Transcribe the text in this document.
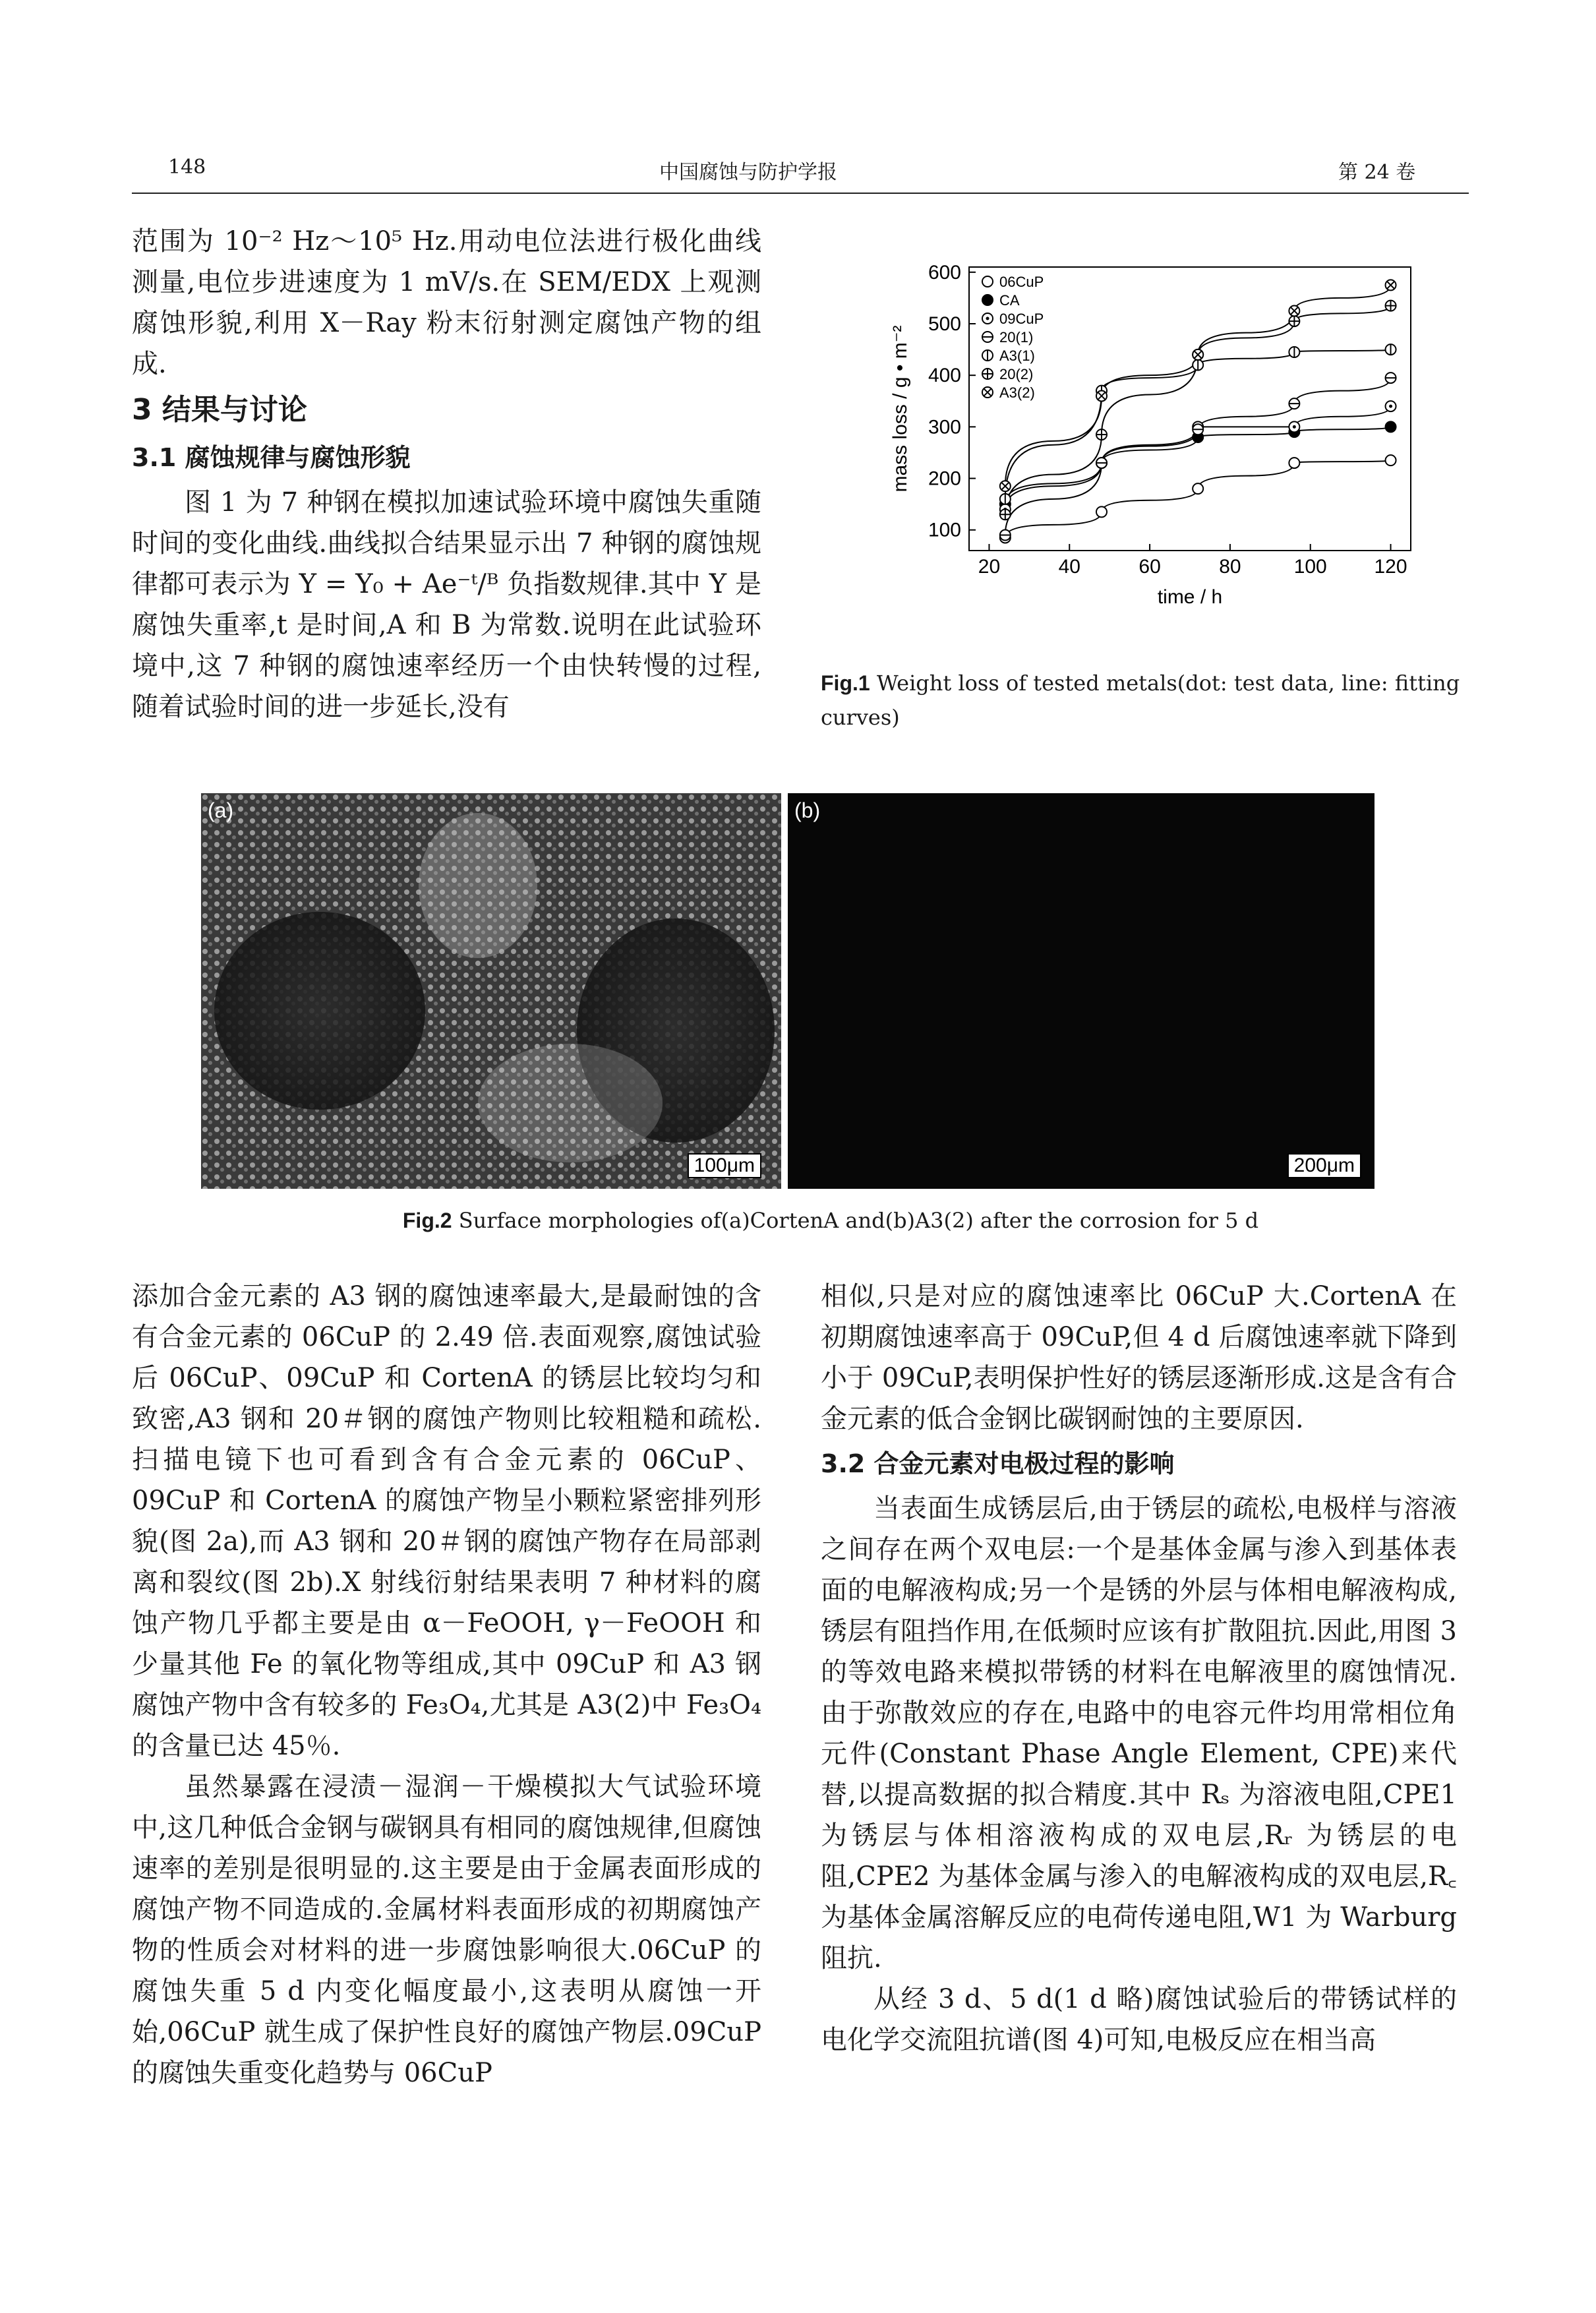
148	中国腐蚀与防护学报	第 24 卷

范围为 10⁻² Hz～10⁵ Hz.用动电位法进行极化曲线测量,电位步进速度为 1 mV/s.在 SEM/EDX 上观测腐蚀形貌,利用 X－Ray 粉末衍射测定腐蚀产物的组成.

3 结果与讨论
3.1 腐蚀规律与腐蚀形貌

图 1 为 7 种钢在模拟加速试验环境中腐蚀失重随时间的变化曲线.曲线拟合结果显示出 7 种钢的腐蚀规律都可表示为 Y = Y₀ + Ae⁻ᵗ/ᴮ 负指数规律.其中 Y 是腐蚀失重率,t 是时间,A 和 B 为常数.说明在此试验环境中,这 7 种钢的腐蚀速率经历一个由快转慢的过程,随着试验时间的进一步延长,没有

20	40	60	80	100 120
100
200
300
400
500
600
time / h
mass loss / g • m⁻²
06CuP
CA
09CuP
20(1)
A3(1)
20(2)
A3(2)
Fig.1 Weight loss of tested metals(dot: test data, line: fitting curves)
(a)
100μm
(b)
200μm
Fig.2 Surface morphologies of(a)CortenA and(b)A3(2) after the corrosion for 5 d

添加合金元素的 A3 钢的腐蚀速率最大,是最耐蚀的含有合金元素的 06CuP 的 2.49 倍.表面观察,腐蚀试验后 06CuP、09CuP 和 CortenA 的锈层比较均匀和致密,A3 钢和 20＃钢的腐蚀产物则比较粗糙和疏松.扫描电镜下也可看到含有合金元素的 06CuP、09CuP 和 CortenA 的腐蚀产物呈小颗粒紧密排列形貌(图 2a),而 A3 钢和 20＃钢的腐蚀产物存在局部剥离和裂纹(图 2b).X 射线衍射结果表明 7 种材料的腐蚀产物几乎都主要是由 α－FeOOH, γ－FeOOH 和少量其他 Fe 的氧化物等组成,其中 09CuP 和 A3 钢腐蚀产物中含有较多的 Fe₃O₄,尤其是 A3(2)中 Fe₃O₄ 的含量已达 45％.

虽然暴露在浸渍－湿润－干燥模拟大气试验环境中,这几种低合金钢与碳钢具有相同的腐蚀规律,但腐蚀速率的差别是很明显的.这主要是由于金属表面形成的腐蚀产物不同造成的.金属材料表面形成的初期腐蚀产物的性质会对材料的进一步腐蚀影响很大.06CuP 的腐蚀失重 5 d 内变化幅度最小,这表明从腐蚀一开始,06CuP 就生成了保护性良好的腐蚀产物层.09CuP 的腐蚀失重变化趋势与 06CuP

相似,只是对应的腐蚀速率比 06CuP 大.CortenA 在初期腐蚀速率高于 09CuP,但 4 d 后腐蚀速率就下降到小于 09CuP,表明保护性好的锈层逐渐形成.这是含有合金元素的低合金钢比碳钢耐蚀的主要原因.

3.2 合金元素对电极过程的影响

当表面生成锈层后,由于锈层的疏松,电极样与溶液之间存在两个双电层:一个是基体金属与渗入到基体表面的电解液构成;另一个是锈的外层与体相电解液构成,锈层有阻挡作用,在低频时应该有扩散阻抗.因此,用图 3 的等效电路来模拟带锈的材料在电解液里的腐蚀情况.由于弥散效应的存在,电路中的电容元件均用常相位角元件(Constant Phase Angle Element, CPE)来代替,以提高数据的拟合精度.其中 Rₛ 为溶液电阻,CPE1 为锈层与体相溶液构成的双电层,Rᵣ 为锈层的电阻,CPE2 为基体金属与渗入的电解液构成的双电层,R꜀ 为基体金属溶解反应的电荷传递电阻,W1 为 Warburg 阻抗.

从经 3 d、5 d(1 d 略)腐蚀试验后的带锈试样的电化学交流阻抗谱(图 4)可知,电极反应在相当高
